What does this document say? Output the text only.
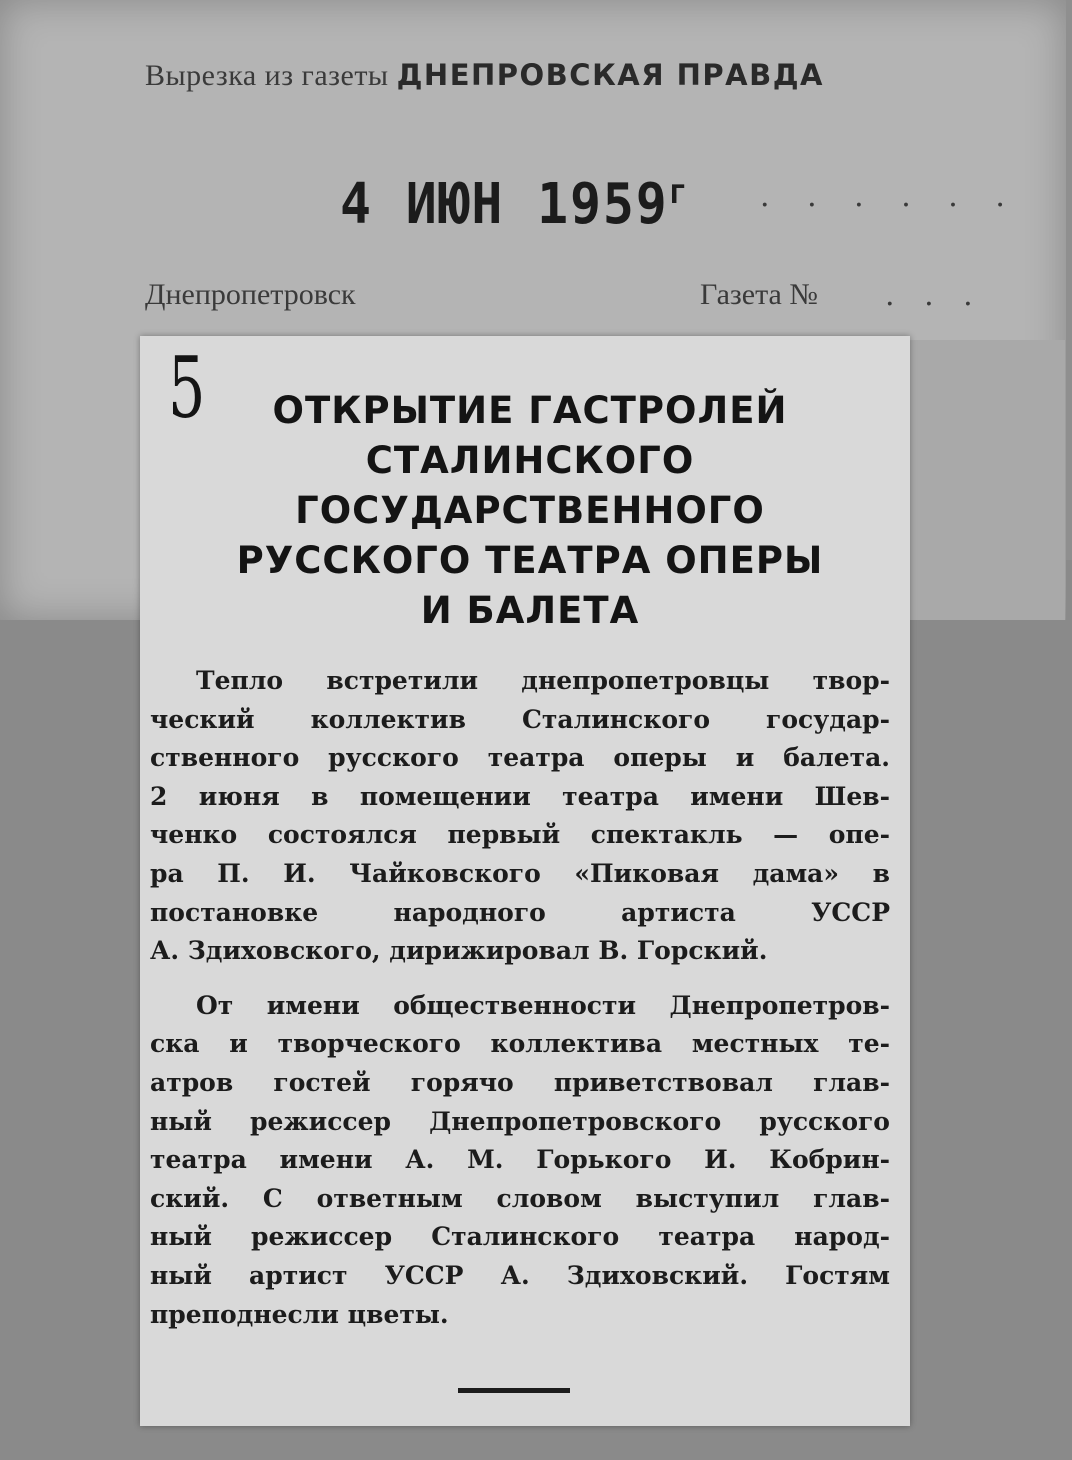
Вырезка из газеты ДНЕПРОВСКАЯ ПРАВДА
4 ИЮН $1959^г$ · · · · · ·
Днепропетровск	Газета № . . .
5	ОТКРЫТИЕ ГАСТРОЛЕЙ
СТАЛИНСКОГО
ГОСУДАРСТВЕННОГО
РУССКОГО ТЕАТРА ОПЕРЫ
И БАЛЕТА

Тепло встретили днепропетровцы твор-
ческий коллектив Сталинского государ-
ственного русского театра оперы и балета.
2 июня в помещении театра имени Шев-
ченко состоялся первый спектакль — опе-
ра П. И. Чайковского «Пиковая дама» в
постановке народного артиста УССР
А. Здиховского, дирижировал В. Горский.

От имени общественности Днепропетров-
ска и творческого коллектива местных те-
атров гостей горячо приветствовал глав-
ный режиссер Днепропетровского русского
театра имени А. М. Горького И. Кобрин-
ский. С ответным словом выступил глав-
ный режиссер Сталинского театра народ-
ный артист УССР А. Здиховский. Гостям
преподнесли цветы.
